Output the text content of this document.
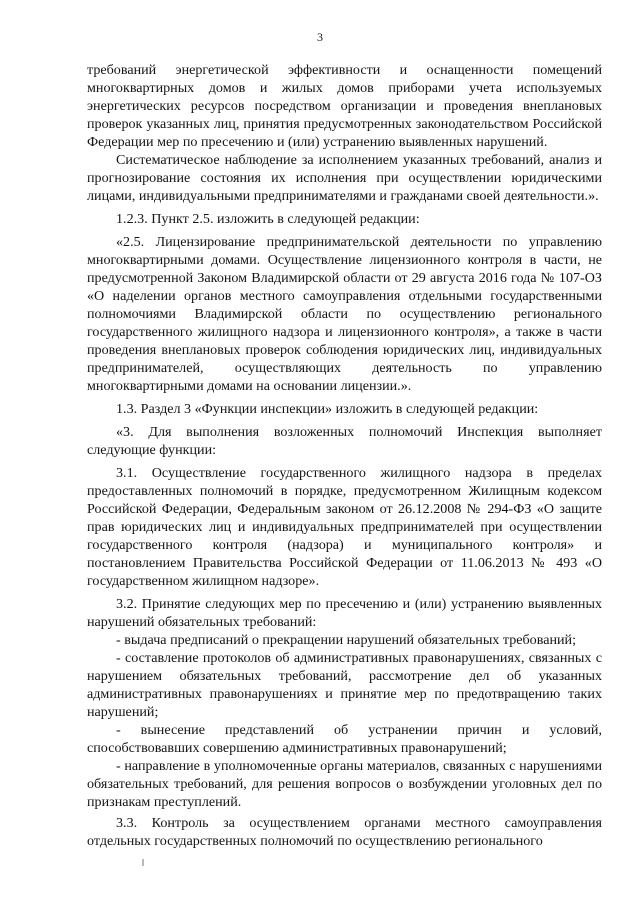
3

требований энергетической эффективности и оснащенности помещений многоквартирных домов и жилых домов приборами учета используемых энергетических ресурсов посредством организации и проведения внеплановых проверок указанных лиц, принятия предусмотренных законодательством Российской Федерации мер по пресечению и (или) устранению выявленных нарушений.

Систематическое наблюдение за исполнением указанных требований, анализ и прогнозирование состояния их исполнения при осуществлении юридическими лицами, индивидуальными предпринимателями и гражданами своей деятельности.».

1.2.3. Пункт 2.5. изложить в следующей редакции:

«2.5. Лицензирование предпринимательской деятельности по управлению многоквартирными домами. Осуществление лицензионного контроля в части, не предусмотренной Законом Владимирской области от 29 августа 2016 года № 107-ОЗ «О наделении органов местного самоуправления отдельными государственными полномочиями Владимирской области по осуществлению регионального государственного жилищного надзора и лицензионного контроля», а также в части проведения внеплановых проверок соблюдения юридических лиц, индивидуальных предпринимателей, осуществляющих деятельность по управлению многоквартирными домами на основании лицензии.».

1.3. Раздел 3 «Функции инспекции» изложить в следующей редакции:

«3. Для выполнения возложенных полномочий Инспекция выполняет следующие функции:

3.1. Осуществление государственного жилищного надзора в пределах предоставленных полномочий в порядке, предусмотренном Жилищным кодексом Российской Федерации, Федеральным законом от 26.12.2008 № 294-ФЗ «О защите прав юридических лиц и индивидуальных предпринимателей при осуществлении государственного контроля (надзора) и муниципального контроля» и постановлением Правительства Российской Федерации от 11.06.2013 № 493 «О государственном жилищном надзоре».

3.2. Принятие следующих мер по пресечению и (или) устранению выявленных нарушений обязательных требований:

- выдача предписаний о прекращении нарушений обязательных требований;

- составление протоколов об административных правонарушениях, связанных с нарушением обязательных требований, рассмотрение дел об указанных административных правонарушениях и принятие мер по предотвращению таких нарушений;

- вынесение представлений об устранении причин и условий, способствовавших совершению административных правонарушений;

- направление в уполномоченные органы материалов, связанных с нарушениями обязательных требований, для решения вопросов о возбуждении уголовных дел по признакам преступлений.

3.3. Контроль за осуществлением органами местного самоуправления отдельных государственных полномочий по осуществлению регионального
